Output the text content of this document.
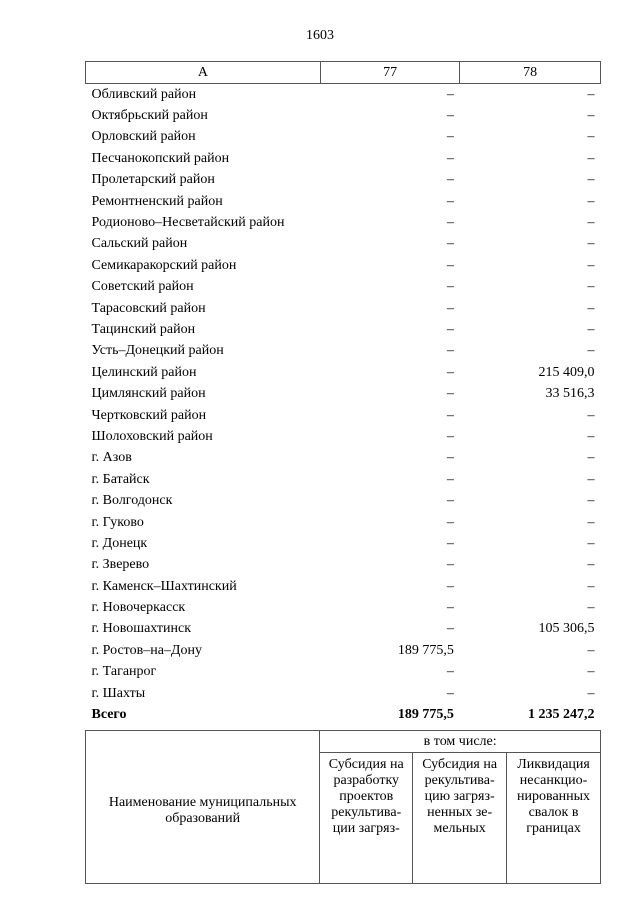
1603
А	77	78
Обливский район	–	–
Октябрьский район	–	–
Орловский район	–	–
Песчанокопский район	–	–
Пролетарский район	–	–
Ремонтненский район	–	–
Родионово–Несветайский район	–	–
Сальский район	–	–
Семикаракорский район	–	–
Советский район	–	–
Тарасовский район	–	–
Тацинский район	–	–
Усть–Донецкий район	–	–
Целинский район	–	215 409,0
Цимлянский район	–	33 516,3
Чертковский район	–	–
Шолоховский район	–	–
г. Азов	–	–
г. Батайск	–	–
г. Волгодонск	–	–
г. Гуково	–	–
г. Донецк	–	–
г. Зверево	–	–
г. Каменск–Шахтинский	–	–
г. Новочеркасск	–	–
г. Новошахтинск	–	105 306,5
г. Ростов–на–Дону	189 775,5	–
г. Таганрог	–	–
г. Шахты	–	–
Всего	189 775,5	1 235 247,2
Наименование муниципальных образований	в том числе:		
	Субсидия на разработку проектов рекультива- ции загряз-	Субсидия на рекультива- цию загряз- ненных зе- мельных	Ликвидация несанкцио- нированных свалок в границах
